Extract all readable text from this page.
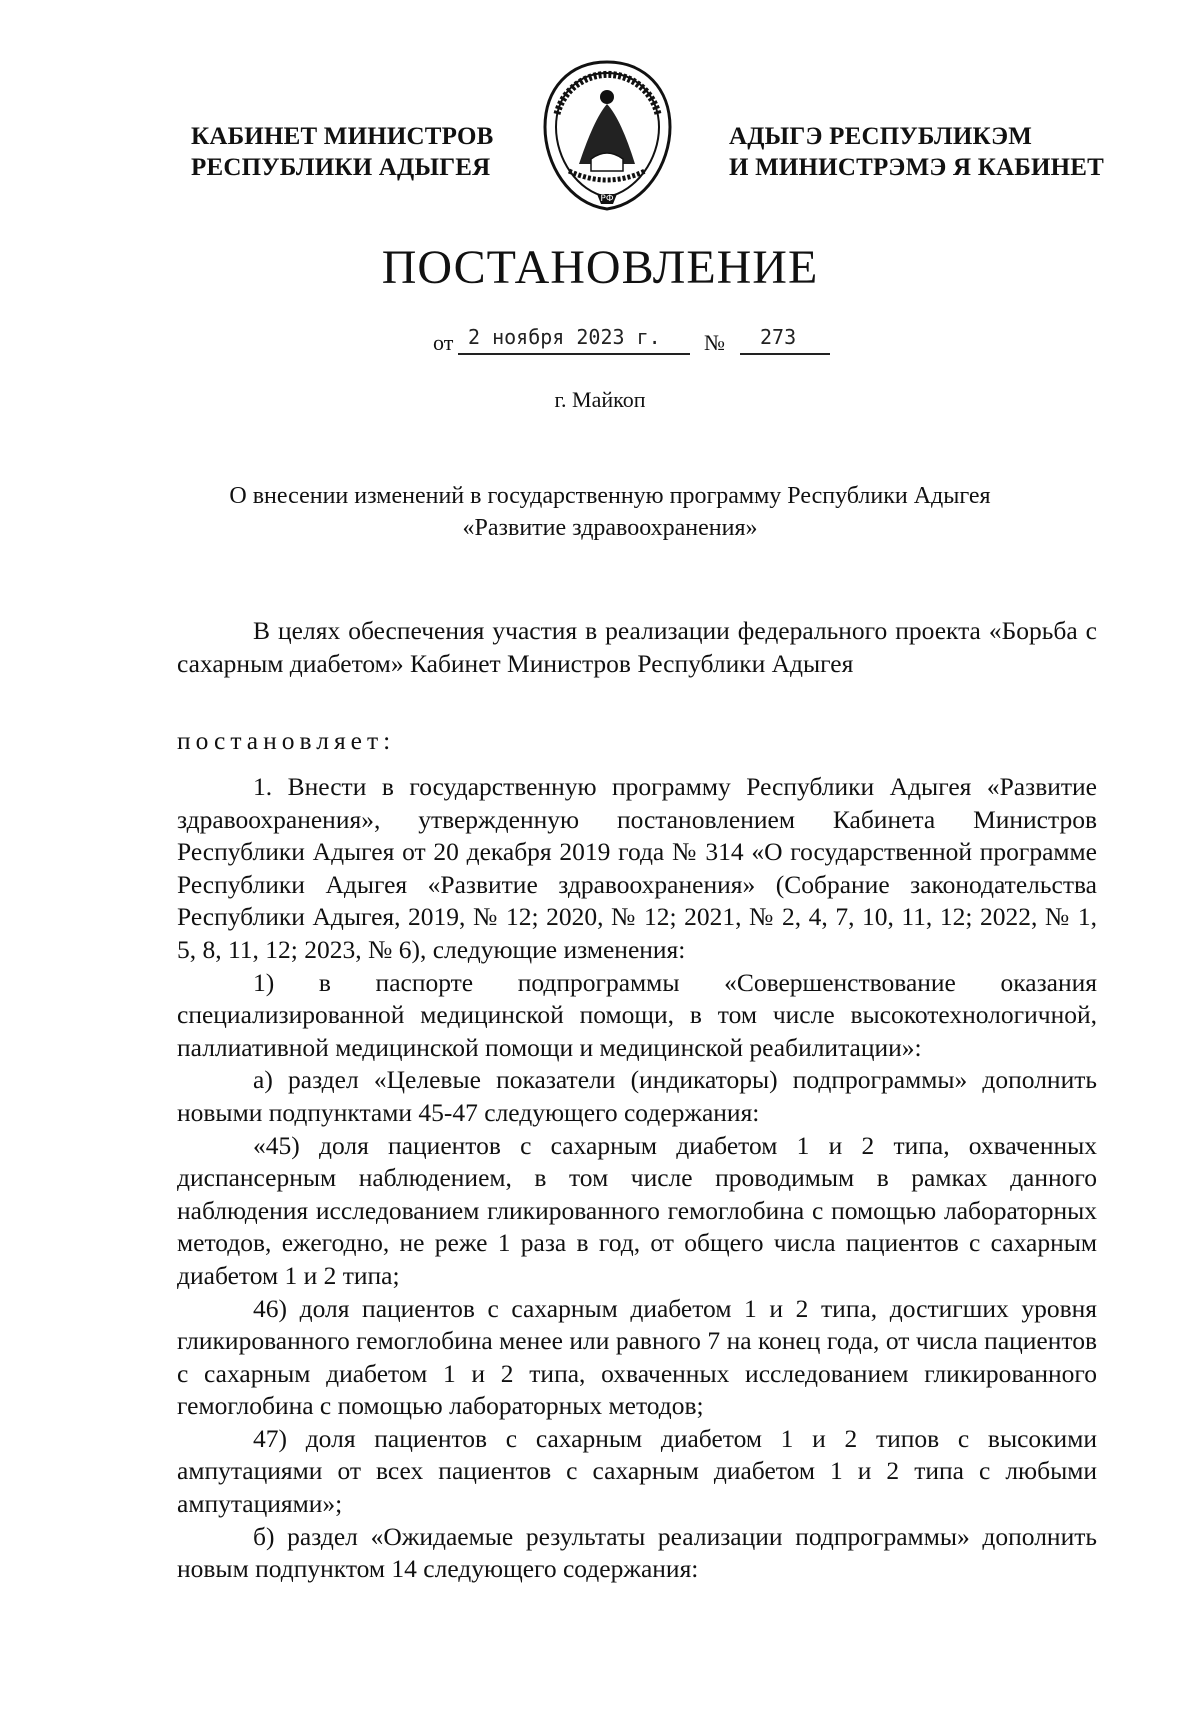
КАБИНЕТ МИНИСТРОВ
РЕСПУБЛИКИ АДЫГЕЯ
РФ
АДЫГЭ РЕСПУБЛИКЭМ
И МИНИСТРЭМЭ Я КАБИНЕТ
ПОСТАНОВЛЕНИЕ
от 2 ноября 2023 г. № 273
г. Майкоп
О внесении изменений в государственную программу Республики Адыгея
«Развитие здравоохранения»

В целях обеспечения участия в реализации федерального проекта «Борьба с сахарным диабетом» Кабинет Министров Республики Адыгея

постановляет:

1. Внести в государственную программу Республики Адыгея «Развитие здравоохранения», утвержденную постановлением Кабинета Министров Республики Адыгея от 20 декабря 2019 года № 314 «О государственной программе Республики Адыгея «Развитие здравоохранения» (Собрание законодательства Республики Адыгея, 2019, № 12; 2020, № 12; 2021, № 2, 4, 7, 10, 11, 12; 2022, № 1, 5, 8, 11, 12; 2023, № 6), следующие изменения:

1) в паспорте подпрограммы «Совершенствование оказания специализированной медицинской помощи, в том числе высокотехнологичной, паллиативной медицинской помощи и медицинской реабилитации»:

а) раздел «Целевые показатели (индикаторы) подпрограммы» дополнить новыми подпунктами 45-47 следующего содержания:

«45) доля пациентов с сахарным диабетом 1 и 2 типа, охваченных диспансерным наблюдением, в том числе проводимым в рамках данного наблюдения исследованием гликированного гемоглобина с помощью лабораторных методов, ежегодно, не реже 1 раза в год, от общего числа пациентов с сахарным диабетом 1 и 2 типа;

46) доля пациентов с сахарным диабетом 1 и 2 типа, достигших уровня гликированного гемоглобина менее или равного 7 на конец года, от числа пациентов с сахарным диабетом 1 и 2 типа, охваченных исследованием гликированного гемоглобина с помощью лабораторных методов;

47) доля пациентов с сахарным диабетом 1 и 2 типов с высокими ампутациями от всех пациентов с сахарным диабетом 1 и 2 типа с любыми ампутациями»;

б) раздел «Ожидаемые результаты реализации подпрограммы» дополнить новым подпунктом 14 следующего содержания:
